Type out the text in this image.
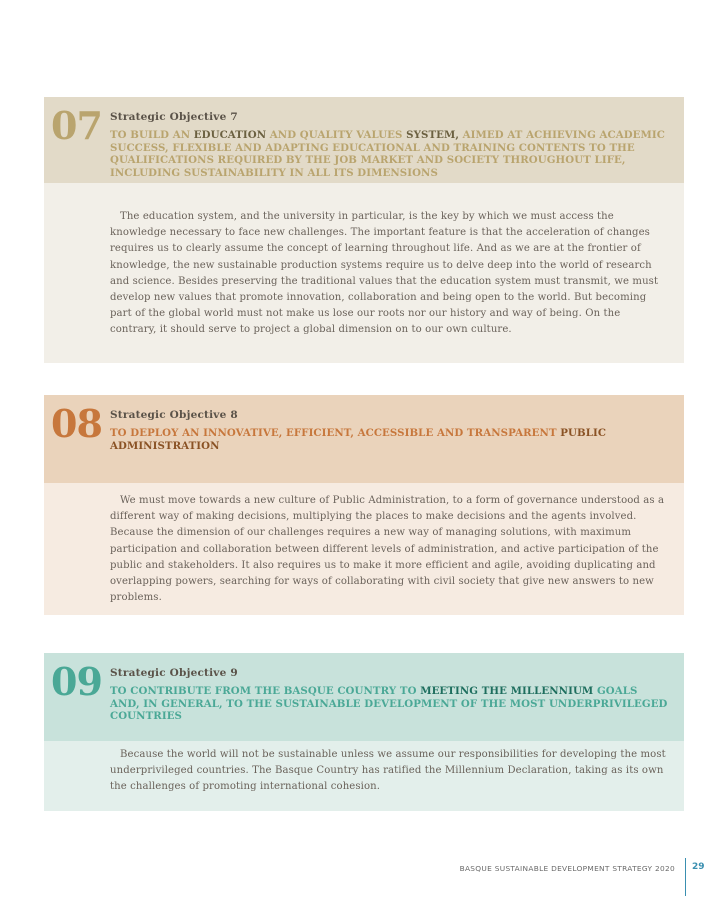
07 Strategic Objective 7
TO BUILD AN EDUCATION AND QUALITY VALUES SYSTEM, AIMED AT ACHIEVING ACADEMIC SUCCESS, FLEXIBLE AND ADAPTING EDUCATIONAL AND TRAINING CONTENTS TO THE QUALIFICATIONS REQUIRED BY THE JOB MARKET AND SOCIETY THROUGHOUT LIFE, INCLUDING SUSTAINABILITY IN ALL ITS DIMENSIONS

The education system, and the university in particular, is the key by which we must access the knowledge necessary to face new challenges. The important feature is that the acceleration of changes requires us to clearly assume the concept of learning throughout life. And as we are at the frontier of knowledge, the new sustainable production systems require us to delve deep into the world of research and science. Besides preserving the traditional values that the education system must transmit, we must develop new values that promote innovation, collaboration and being open to the world. But becoming part of the global world must not make us lose our roots nor our history and way of being. On the contrary, it should serve to project a global dimension on to our own culture.

08 Strategic Objective 8
TO DEPLOY AN INNOVATIVE, EFFICIENT, ACCESSIBLE AND TRANSPARENT PUBLIC ADMINISTRATION

We must move towards a new culture of Public Administration, to a form of governance understood as a different way of making decisions, multiplying the places to make decisions and the agents involved. Because the dimension of our challenges requires a new way of managing solutions, with maximum participation and collaboration between different levels of administration, and active participation of the public and stakeholders. It also requires us to make it more efficient and agile, avoiding duplicating and overlapping powers, searching for ways of collaborating with civil society that give new answers to new problems.

09 Strategic Objective 9
TO CONTRIBUTE FROM THE BASQUE COUNTRY TO MEETING THE MILLENNIUM GOALS AND, IN GENERAL, TO THE SUSTAINABLE DEVELOPMENT OF THE MOST UNDERPRIVILEGED COUNTRIES

Because the world will not be sustainable unless we assume our responsibilities for developing the most underprivileged countries. The Basque Country has ratified the Millennium Declaration, taking as its own the challenges of promoting international cohesion.

BASQUE SUSTAINABLE DEVELOPMENT STRATEGY 2020 29
